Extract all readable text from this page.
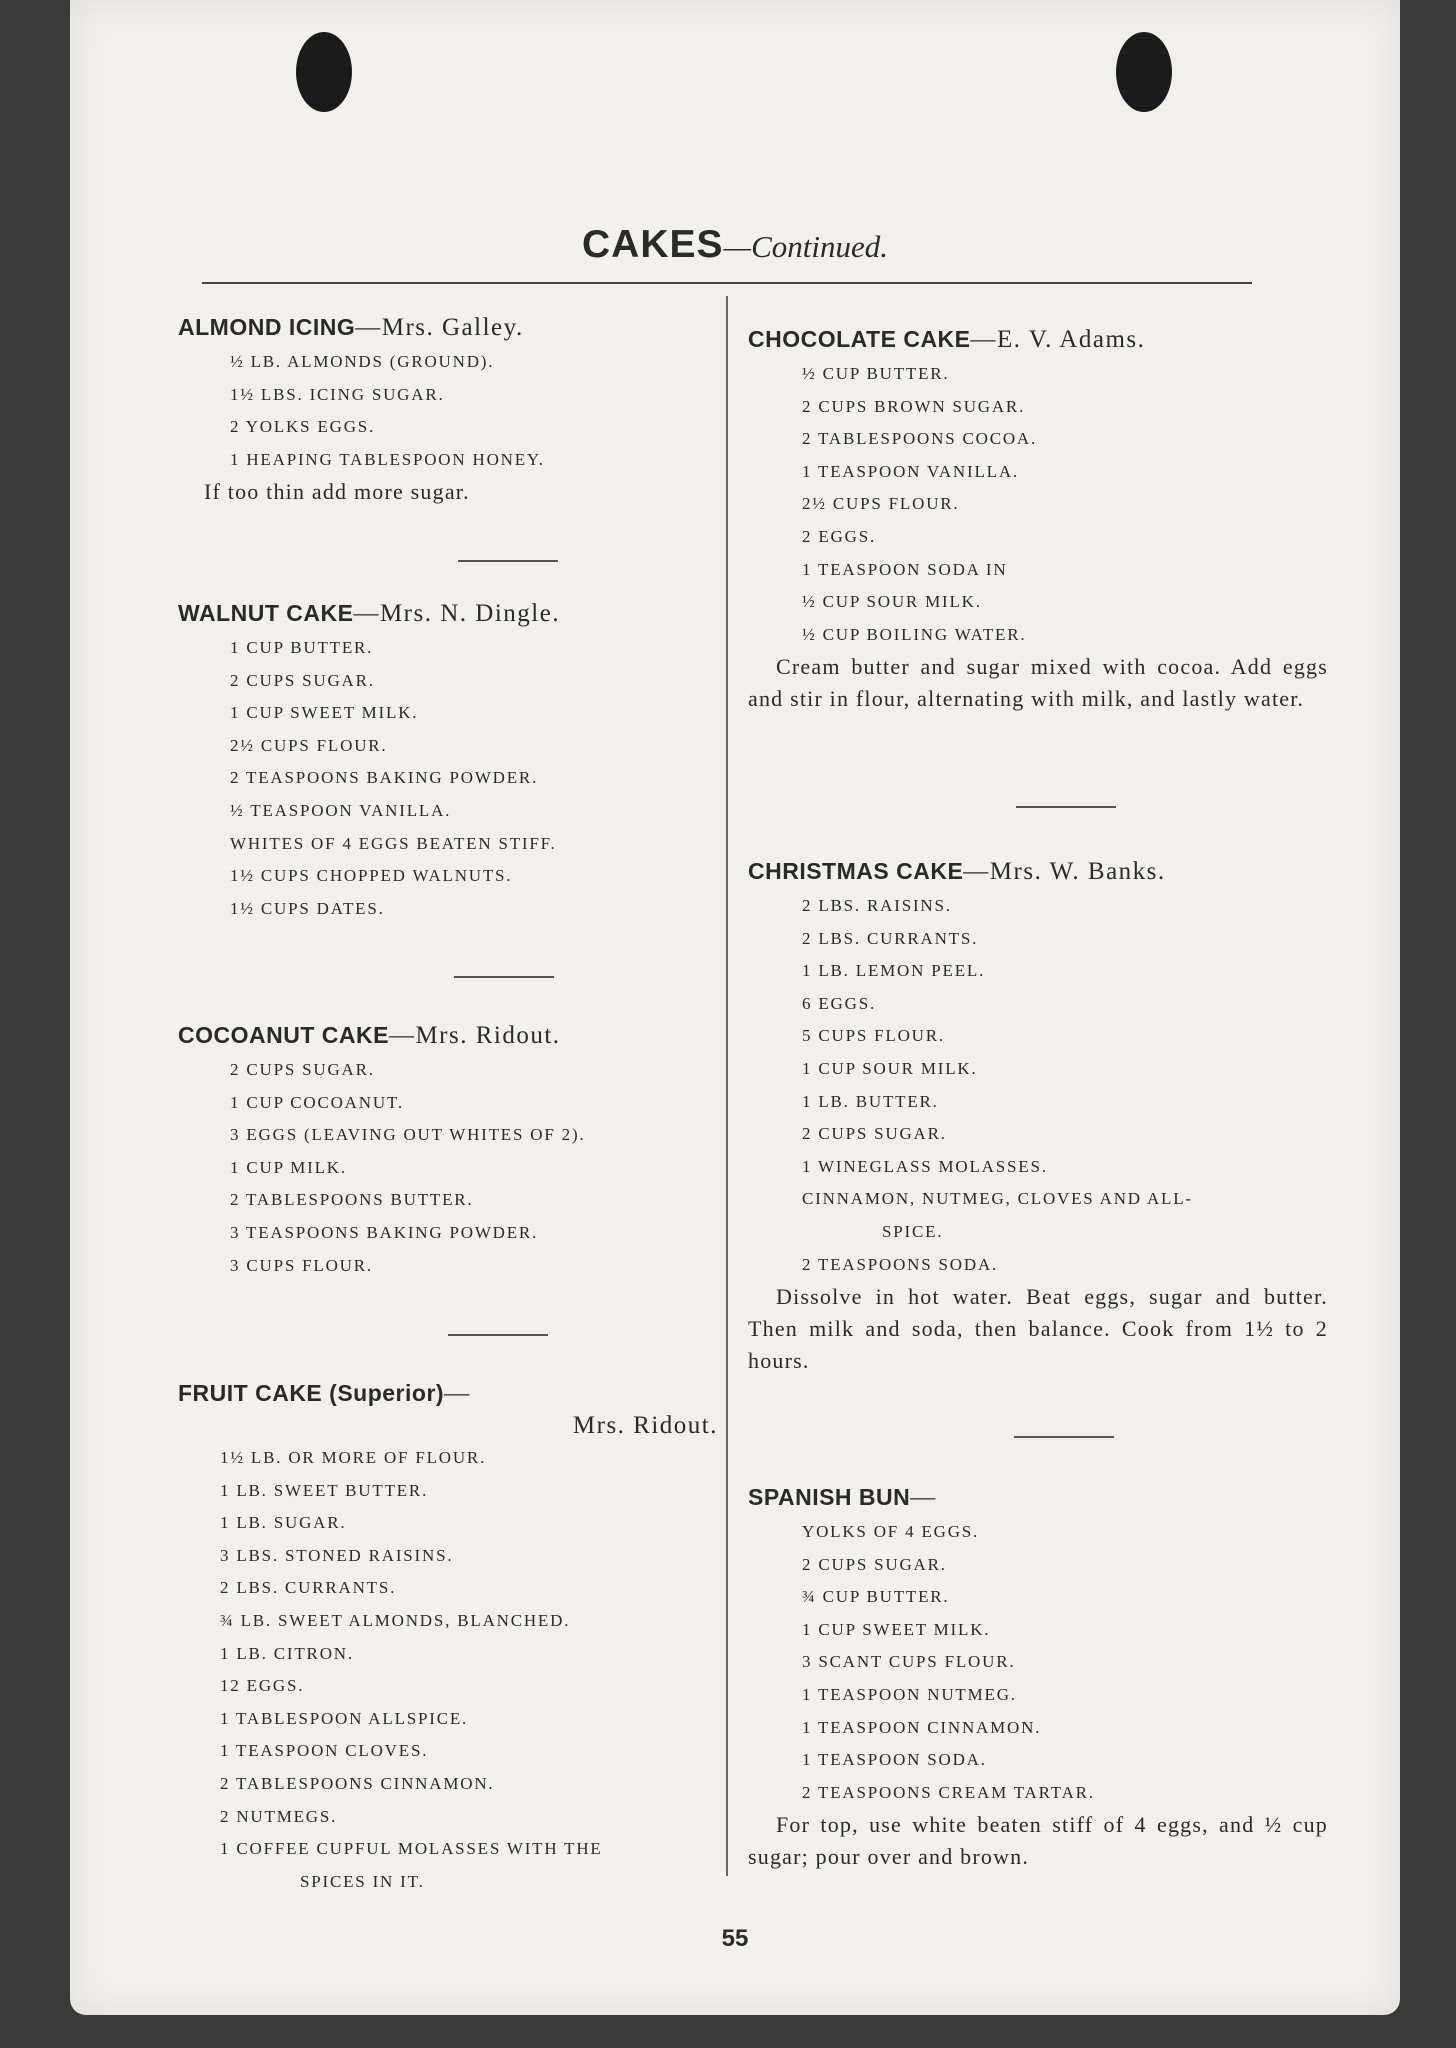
CAKES—Continued.
ALMOND ICING—Mrs. Galley.
½ LB. ALMONDS (GROUND).
1½ LBS. ICING SUGAR.
2 YOLKS EGGS.
1 HEAPING TABLESPOON HONEY.
If too thin add more sugar.
WALNUT CAKE—Mrs. N. Dingle.
1 CUP BUTTER.
2 CUPS SUGAR.
1 CUP SWEET MILK.
2½ CUPS FLOUR.
2 TEASPOONS BAKING POWDER.
½ TEASPOON VANILLA.
WHITES OF 4 EGGS BEATEN STIFF.
1½ CUPS CHOPPED WALNUTS.
1½ CUPS DATES.
COCOANUT CAKE—Mrs. Ridout.
2 CUPS SUGAR.
1 CUP COCOANUT.
3 EGGS (LEAVING OUT WHITES OF 2).
1 CUP MILK.
2 TABLESPOONS BUTTER.
3 TEASPOONS BAKING POWDER.
3 CUPS FLOUR.
FRUIT CAKE (Superior)—
Mrs. Ridout.
1½ LB. OR MORE OF FLOUR.
1 LB. SWEET BUTTER.
1 LB. SUGAR.
3 LBS. STONED RAISINS.
2 LBS. CURRANTS.
¾ LB. SWEET ALMONDS, BLANCHED.
1 LB. CITRON.
12 EGGS.
1 TABLESPOON ALLSPICE.
1 TEASPOON CLOVES.
2 TABLESPOONS CINNAMON.
2 NUTMEGS.
1 COFFEE CUPFUL MOLASSES WITH THE
SPICES IN IT.
CHOCOLATE CAKE—E. V. Adams.
½ CUP BUTTER.
2 CUPS BROWN SUGAR.
2 TABLESPOONS COCOA.
1 TEASPOON VANILLA.
2½ CUPS FLOUR.
2 EGGS.
1 TEASPOON SODA IN
½ CUP SOUR MILK.
½ CUP BOILING WATER.
Cream butter and sugar mixed with cocoa. Add eggs and stir in flour, alternating with milk, and lastly water.
CHRISTMAS CAKE—Mrs. W. Banks.
2 LBS. RAISINS.
2 LBS. CURRANTS.
1 LB. LEMON PEEL.
6 EGGS.
5 CUPS FLOUR.
1 CUP SOUR MILK.
1 LB. BUTTER.
2 CUPS SUGAR.
1 WINEGLASS MOLASSES.
CINNAMON, NUTMEG, CLOVES AND ALL-
SPICE.
2 TEASPOONS SODA.
Dissolve in hot water. Beat eggs, sugar and butter. Then milk and soda, then balance. Cook from 1½ to 2 hours.
SPANISH BUN—
YOLKS OF 4 EGGS.
2 CUPS SUGAR.
¾ CUP BUTTER.
1 CUP SWEET MILK.
3 SCANT CUPS FLOUR.
1 TEASPOON NUTMEG.
1 TEASPOON CINNAMON.
1 TEASPOON SODA.
2 TEASPOONS CREAM TARTAR.
For top, use white beaten stiff of 4 eggs, and ½ cup sugar; pour over and brown.
55
